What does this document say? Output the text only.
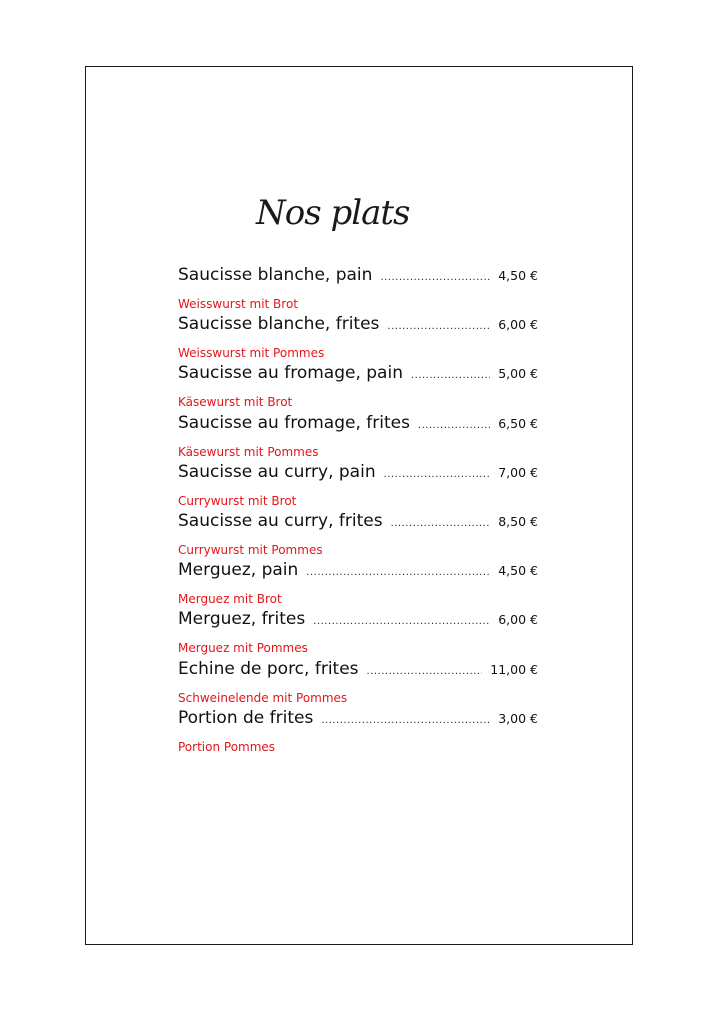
Nos plats
Saucisse blanche, pain .....	4,50 €
Weisswurst mit Brot
Saucisse blanche, frites .....	6,00 €
Weisswurst mit Pommes
Saucisse au fromage, pain .....	5,00 €
Käsewurst mit Brot
Saucisse au fromage, frites .....	6,50 €
Käsewurst mit Pommes
Saucisse au curry, pain .....	7,00 €
Currywurst mit Brot
Saucisse au curry, frites .....	8,50 €
Currywurst mit Pommes
Merguez, pain .....	4,50 €
Merguez mit Brot
Merguez, frites .....	6,00 €
Merguez mit Pommes
Echine de porc, frites .....	11,00 €
Schweinelende mit Pommes
Portion de frites .....	3,00 €
Portion Pommes
